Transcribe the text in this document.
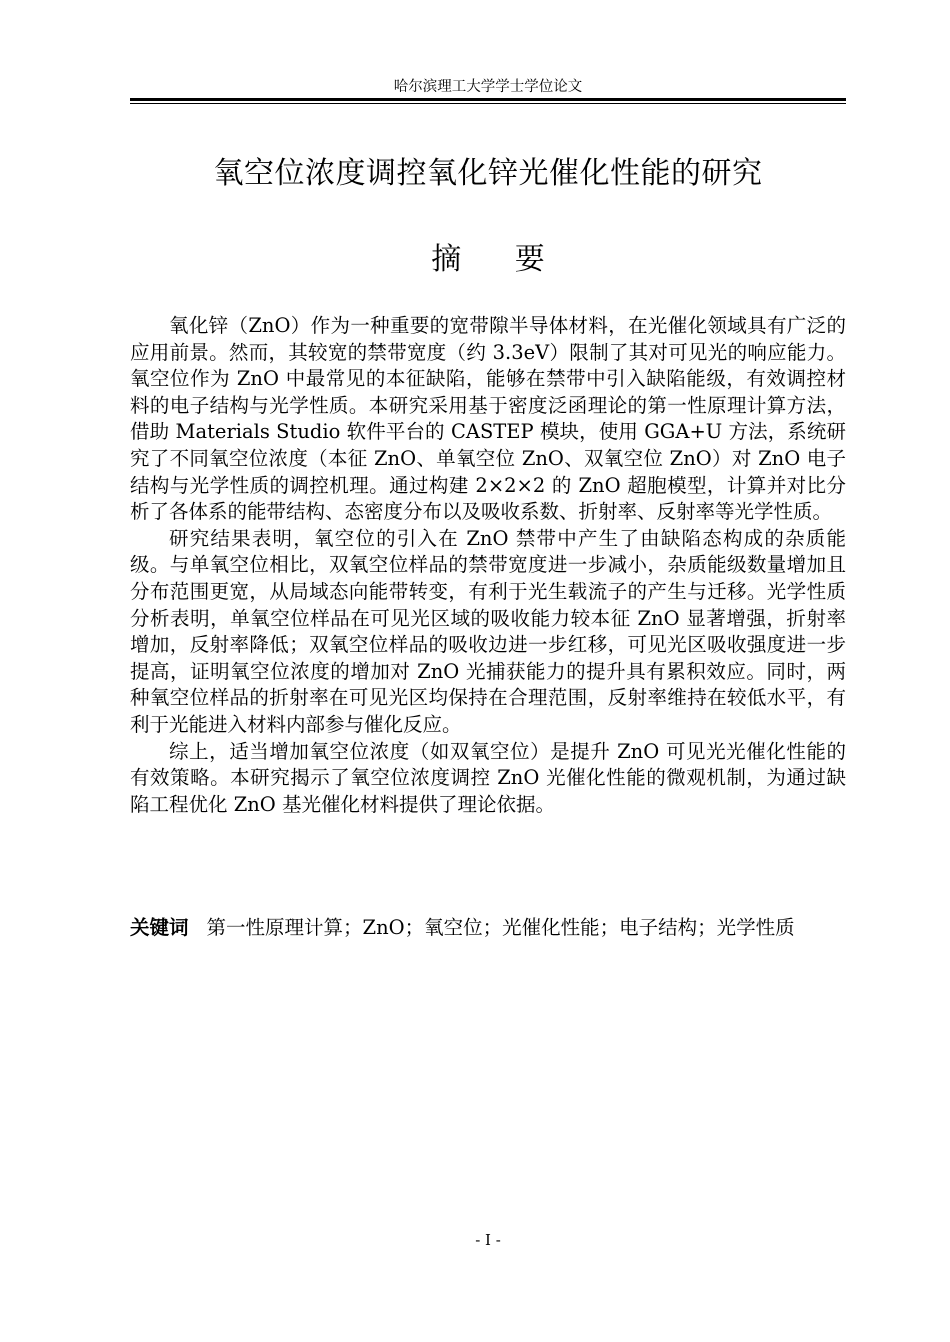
哈尔滨理工大学学士学位论文
氧空位浓度调控氧化锌光催化性能的研究
摘 要

氧化锌（ZnO）作为一种重要的宽带隙半导体材料，在光催化领域具有广泛的应用前景。然而，其较宽的禁带宽度（约 3.3eV）限制了其对可见光的响应能力。氧空位作为 ZnO 中最常见的本征缺陷，能够在禁带中引入缺陷能级，有效调控材料的电子结构与光学性质。本研究采用基于密度泛函理论的第一性原理计算方法，借助 Materials Studio 软件平台的 CASTEP 模块，使用 GGA+U 方法，系统研究了不同氧空位浓度（本征 ZnO、单氧空位 ZnO、双氧空位 ZnO）对 ZnO 电子结构与光学性质的调控机理。通过构建 2×2×2 的 ZnO 超胞模型，计算并对比分析了各体系的能带结构、态密度分布以及吸收系数、折射率、反射率等光学性质。

研究结果表明，氧空位的引入在 ZnO 禁带中产生了由缺陷态构成的杂质能级。与单氧空位相比，双氧空位样品的禁带宽度进一步减小，杂质能级数量增加且分布范围更宽，从局域态向能带转变，有利于光生载流子的产生与迁移。光学性质分析表明，单氧空位样品在可见光区域的吸收能力较本征 ZnO 显著增强，折射率增加，反射率降低；双氧空位样品的吸收边进一步红移，可见光区吸收强度进一步提高，证明氧空位浓度的增加对 ZnO 光捕获能力的提升具有累积效应。同时，两种氧空位样品的折射率在可见光区均保持在合理范围，反射率维持在较低水平，有利于光能进入材料内部参与催化反应。

综上，适当增加氧空位浓度（如双氧空位）是提升 ZnO 可见光光催化性能的有效策略。本研究揭示了氧空位浓度调控 ZnO 光催化性能的微观机制，为通过缺陷工程优化 ZnO 基光催化材料提供了理论依据。

关键词 第一性原理计算；ZnO；氧空位；光催化性能；电子结构；光学性质
- I -
